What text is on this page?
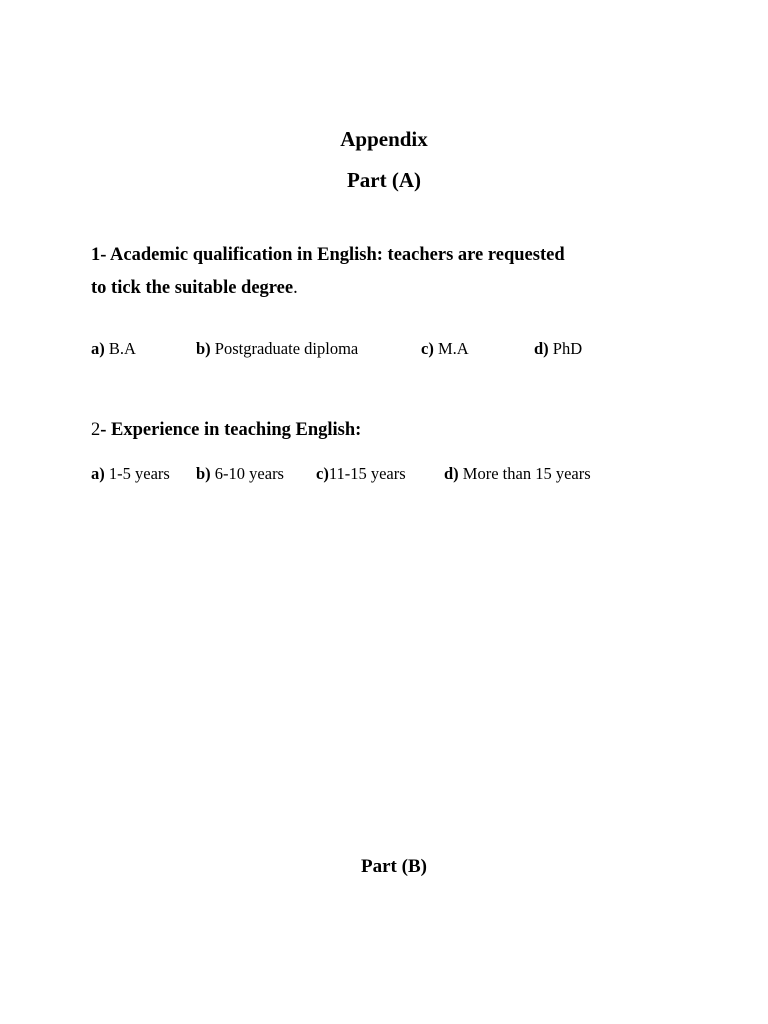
Appendix
Part (A)
1- Academic qualification in English: teachers are requested
to tick the suitable degree.
a) B.A	b) Postgraduate diploma	c) M.A	d) PhD
2- Experience in teaching English:
a) 1-5 years b) 6-10 years c)11-15 years d) More than 15 years
Part (B)
